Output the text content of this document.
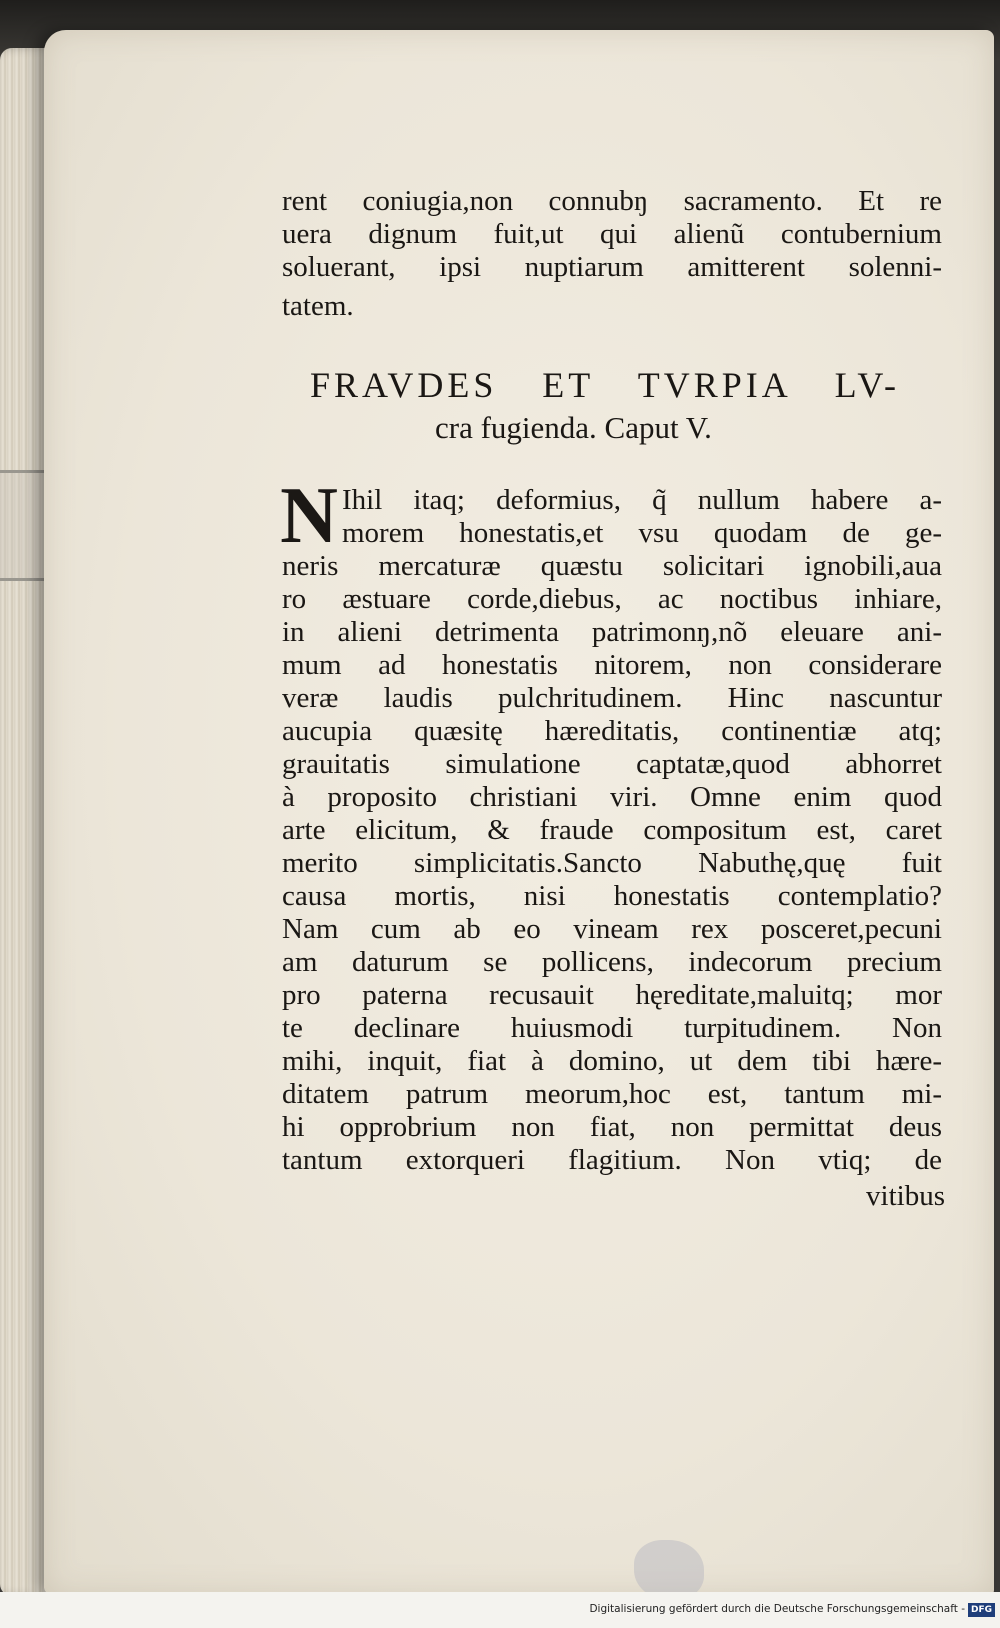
rent coniugia,non connubŋ sacramento. Et re
uera dignum fuit,ut qui alienũ contubernium
soluerant, ipsi nuptiarum amitterent solenni-
tatem.
FRAVDES ET TVRPIA LV-
cra fugienda. Caput V.
N Ihil itaq; deformius, q̃ nullum habere a-
morem honestatis,et vsu quodam de ge-
neris mercaturæ quæstu solicitari ignobili,aua
ro æstuare corde,diebus, ac noctibus inhiare,
in alieni detrimenta patrimonŋ,nõ eleuare ani-
mum ad honestatis nitorem, non considerare
veræ laudis pulchritudinem. Hinc nascuntur
aucupia quæsitę hæreditatis, continentiæ atq;
grauitatis simulatione captatæ,quod abhorret
à proposito christiani viri. Omne enim quod
arte elicitum, & fraude compositum est, caret
merito simplicitatis.Sancto Nabuthę,quę fuit
causa mortis, nisi honestatis contemplatio?
Nam cum ab eo vineam rex posceret,pecuni
am daturum se pollicens, indecorum precium
pro paterna recusauit hęreditate,maluitq; mor
te declinare huiusmodi turpitudinem. Non
mihi, inquit, fiat à domino, ut dem tibi hære-
ditatem patrum meorum,hoc est, tantum mi-
hi opprobrium non fiat, non permittat deus
tantum extorqueri flagitium. Non vtiq; de
vitibus
Digitalisierung gefördert durch die Deutsche Forschungsgemeinschaft - DFG
